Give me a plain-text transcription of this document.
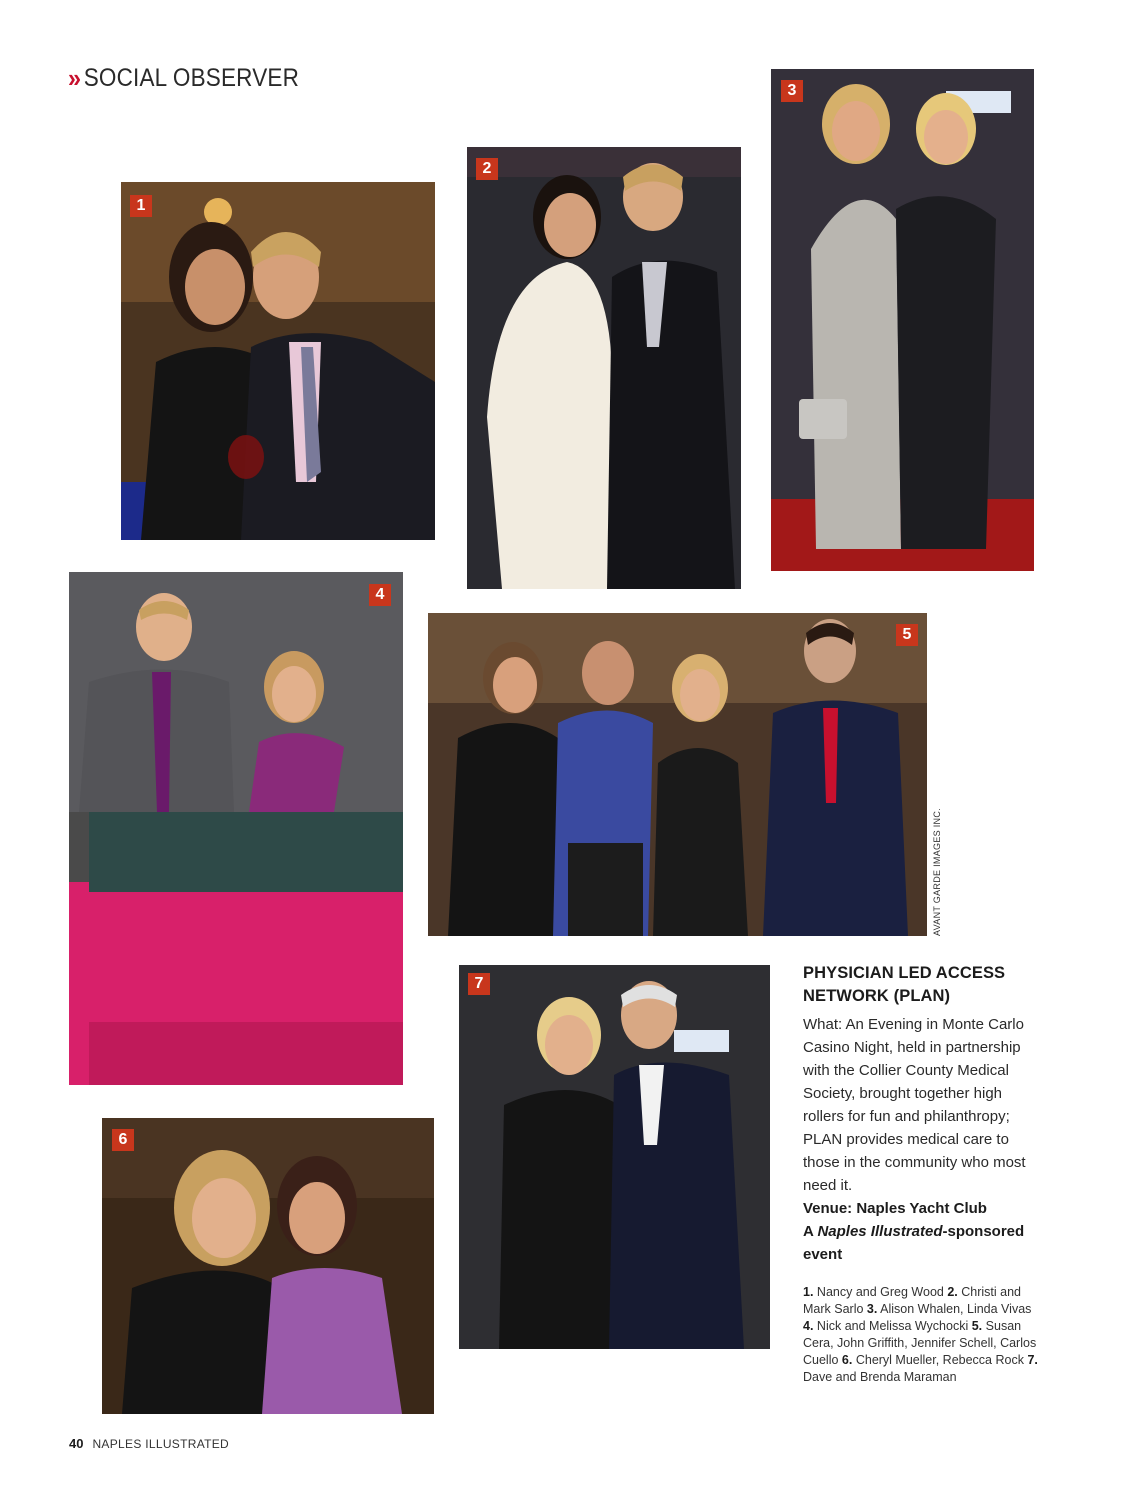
» SOCIAL OBSERVER
1
2
3
4
5
AVANT GARDE IMAGES INC.
6
7
PHYSICIAN LED ACCESS NETWORK (PLAN)

What: An Evening in Monte Carlo Casino Night, held in partnership with the Collier County Medical Society, brought together high rollers for fun and philanthropy; PLAN provides medical care to those in the community who most need it.

Venue: Naples Yacht Club

A Naples Illustrated-sponsored event

1. Nancy and Greg Wood 2. Christi and Mark Sarlo 3. Alison Whalen, Linda Vivas 4. Nick and Melissa Wychocki 5. Susan Cera, John Griffith, Jennifer Schell, Carlos Cuello 6. Cheryl Mueller, Rebecca Rock 7. Dave and Brenda Maraman
40 NAPLES ILLUSTRATED
